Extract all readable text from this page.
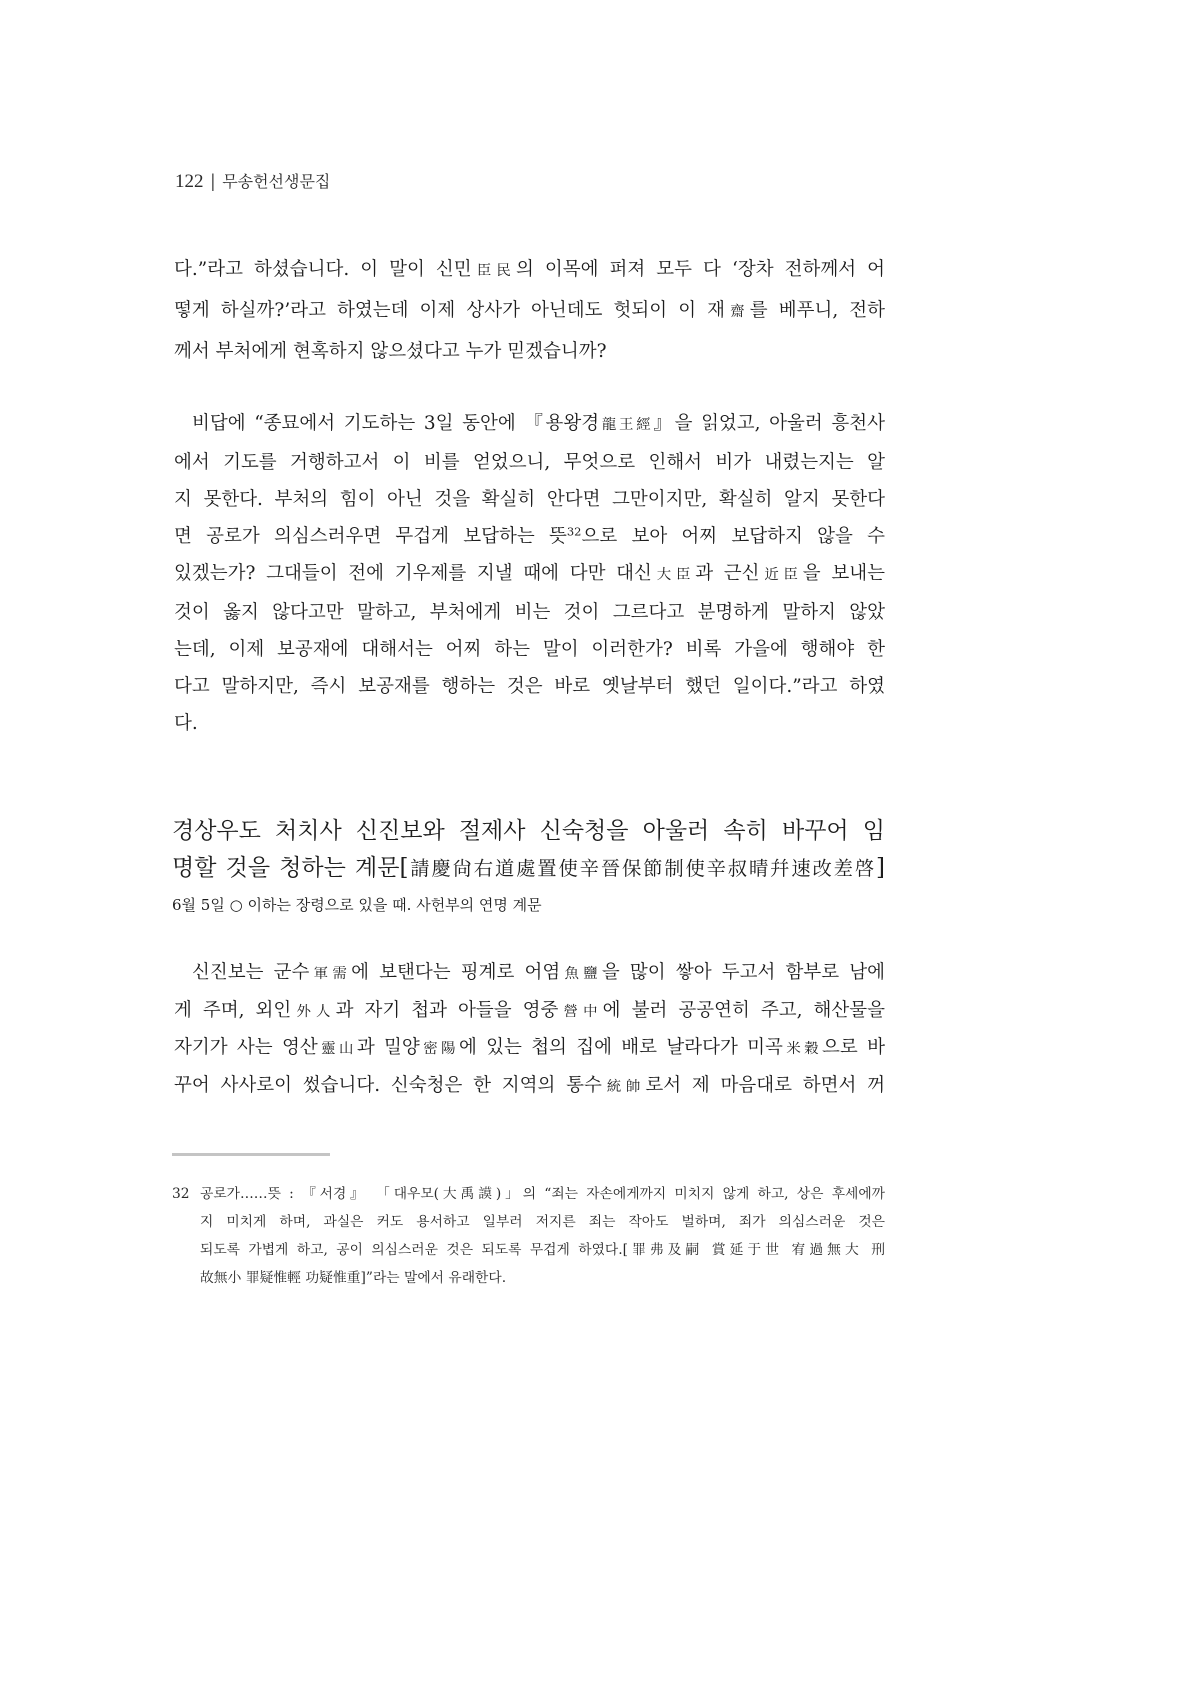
122 | 무송헌선생문집
다.”라고 하셨습니다. 이 말이 신민臣民의 이목에 퍼져 모두 다 ‘장차 전하께서 어
떻게 하실까?’라고 하였는데 이제 상사가 아닌데도 헛되이 이 재齋를 베푸니, 전하
께서 부처에게 현혹하지 않으셨다고 누가 믿겠습니까?
비답에 “종묘에서 기도하는 3일 동안에 『용왕경龍王經』을 읽었고, 아울러 흥천사
에서 기도를 거행하고서 이 비를 얻었으니, 무엇으로 인해서 비가 내렸는지는 알
지 못한다. 부처의 힘이 아닌 것을 확실히 안다면 그만이지만, 확실히 알지 못한다
면 공로가 의심스러우면 무겁게 보답하는 뜻$^{32}$으로 보아 어찌 보답하지 않을 수
있겠는가? 그대들이 전에 기우제를 지낼 때에 다만 대신大臣과 근신近臣을 보내는
것이 옳지 않다고만 말하고, 부처에게 비는 것이 그르다고 분명하게 말하지 않았
는데, 이제 보공재에 대해서는 어찌 하는 말이 이러한가? 비록 가을에 행해야 한
다고 말하지만, 즉시 보공재를 행하는 것은 바로 옛날부터 했던 일이다.”라고 하였
다.
경상우도 처치사 신진보와 절제사 신숙청을 아울러 속히 바꾸어 임
명할 것을 청하는 계문[請慶尙右道處置使辛晉保節制使辛叔晴幷速改差啓]
6월 5일 ○ 이하는 장령으로 있을 때. 사헌부의 연명 계문
신진보는 군수軍需에 보탠다는 핑계로 어염魚鹽을 많이 쌓아 두고서 함부로 남에
게 주며, 외인外人과 자기 첩과 아들을 영중營中에 불러 공공연히 주고, 해산물을
자기가 사는 영산靈山과 밀양密陽에 있는 첩의 집에 배로 날라다가 미곡米穀으로 바
꾸어 사사로이 썼습니다. 신숙청은 한 지역의 통수統帥로서 제 마음대로 하면서 꺼
32 공로가……뜻 : 『서경』 「대우모(大禹謨)」의 “죄는 자손에게까지 미치지 않게 하고, 상은 후세에까
지 미치게 하며, 과실은 커도 용서하고 일부러 저지른 죄는 작아도 벌하며, 죄가 의심스러운 것은
되도록 가볍게 하고, 공이 의심스러운 것은 되도록 무겁게 하였다.[罪弗及嗣 賞延于世 宥過無大 刑
故無小 罪疑惟輕 功疑惟重]”라는 말에서 유래한다.
